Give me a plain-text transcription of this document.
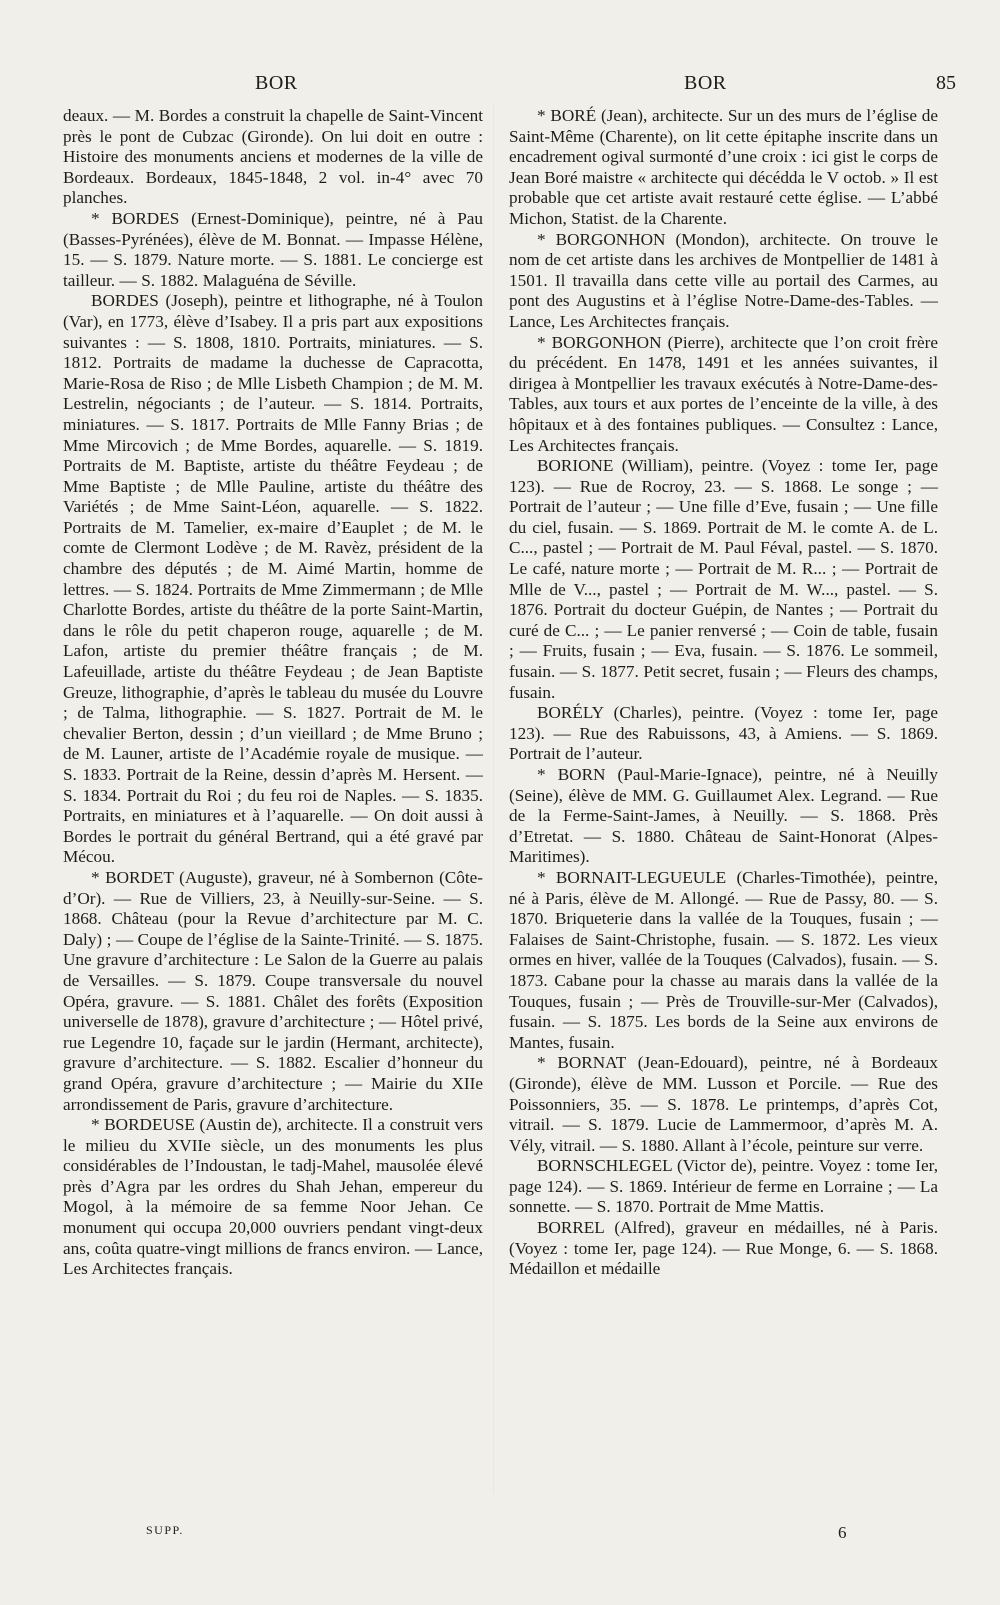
BOR	BOR	85

deaux. — M. Bordes a construit la chapelle de Saint-Vincent près le pont de Cubzac (Gironde). On lui doit en outre : Histoire des monuments anciens et modernes de la ville de Bordeaux. Bordeaux, 1845-1848, 2 vol. in-4° avec 70 planches.

* BORDES (Ernest-Dominique), peintre, né à Pau (Basses-Pyrénées), élève de M. Bonnat. — Impasse Hélène, 15. — S. 1879. Nature morte. — S. 1881. Le concierge est tailleur. — S. 1882. Malaguéna de Séville.

BORDES (Joseph), peintre et lithographe, né à Toulon (Var), en 1773, élève d’Isabey. Il a pris part aux expositions suivantes : — S. 1808, 1810. Portraits, miniatures. — S. 1812. Portraits de madame la duchesse de Capracotta, Marie-Rosa de Riso ; de Mlle Lisbeth Champion ; de M. M. Lestrelin, négociants ; de l’auteur. — S. 1814. Portraits, miniatures. — S. 1817. Portraits de Mlle Fanny Brias ; de Mme Mircovich ; de Mme Bordes, aquarelle. — S. 1819. Portraits de M. Baptiste, artiste du théâtre Feydeau ; de Mme Baptiste ; de Mlle Pauline, artiste du théâtre des Variétés ; de Mme Saint-Léon, aquarelle. — S. 1822. Portraits de M. Tamelier, ex-maire d’Eauplet ; de M. le comte de Clermont Lodève ; de M. Ravèz, président de la chambre des députés ; de M. Aimé Martin, homme de lettres. — S. 1824. Portraits de Mme Zimmermann ; de Mlle Charlotte Bordes, artiste du théâtre de la porte Saint-Martin, dans le rôle du petit chaperon rouge, aquarelle ; de M. Lafon, artiste du premier théâtre français ; de M. Lafeuillade, artiste du théâtre Feydeau ; de Jean Baptiste Greuze, lithographie, d’après le tableau du musée du Louvre ; de Talma, lithographie. — S. 1827. Portrait de M. le chevalier Berton, dessin ; d’un vieillard ; de Mme Bruno ; de M. Launer, artiste de l’Académie royale de musique. — S. 1833. Portrait de la Reine, dessin d’après M. Hersent. — S. 1834. Portrait du Roi ; du feu roi de Naples. — S. 1835. Portraits, en miniatures et à l’aquarelle. — On doit aussi à Bordes le portrait du général Bertrand, qui a été gravé par Mécou.

* BORDET (Auguste), graveur, né à Sombernon (Côte-d’Or). — Rue de Villiers, 23, à Neuilly-sur-Seine. — S. 1868. Château (pour la Revue d’architecture par M. C. Daly) ; — Coupe de l’église de la Sainte-Trinité. — S. 1875. Une gravure d’architecture : Le Salon de la Guerre au palais de Versailles. — S. 1879. Coupe transversale du nouvel Opéra, gravure. — S. 1881. Châlet des forêts (Exposition universelle de 1878), gravure d’architecture ; — Hôtel privé, rue Legendre 10, façade sur le jardin (Hermant, architecte), gravure d’architecture. — S. 1882. Escalier d’honneur du grand Opéra, gravure d’architecture ; — Mairie du XIIe arrondissement de Paris, gravure d’architecture.

* BORDEUSE (Austin de), architecte. Il a construit vers le milieu du XVIIe siècle, un des monuments les plus considérables de l’Indoustan, le tadj-Mahel, mausolée élevé près d’Agra par les ordres du Shah Jehan, empereur du Mogol, à la mémoire de sa femme Noor Jehan. Ce monument qui occupa 20,000 ouvriers pendant vingt-deux ans, coûta quatre-vingt millions de francs environ. — Lance, Les Architectes français.

* BORÉ (Jean), architecte. Sur un des murs de l’église de Saint-Même (Charente), on lit cette épitaphe inscrite dans un encadrement ogival surmonté d’une croix : ici gist le corps de Jean Boré maistre « architecte qui décédda le V octob. » Il est probable que cet artiste avait restauré cette église. — L’abbé Michon, Statist. de la Charente.

* BORGONHON (Mondon), architecte. On trouve le nom de cet artiste dans les archives de Montpellier de 1481 à 1501. Il travailla dans cette ville au portail des Carmes, au pont des Augustins et à l’église Notre-Dame-des-Tables. — Lance, Les Architectes français.

* BORGONHON (Pierre), architecte que l’on croit frère du précédent. En 1478, 1491 et les années suivantes, il dirigea à Montpellier les travaux exécutés à Notre-Dame-des-Tables, aux tours et aux portes de l’enceinte de la ville, à des hôpitaux et à des fontaines publiques. — Consultez : Lance, Les Architectes français.

BORIONE (William), peintre. (Voyez : tome Ier, page 123). — Rue de Rocroy, 23. — S. 1868. Le songe ; — Portrait de l’auteur ; — Une fille d’Eve, fusain ; — Une fille du ciel, fusain. — S. 1869. Portrait de M. le comte A. de L. C..., pastel ; — Portrait de M. Paul Féval, pastel. — S. 1870. Le café, nature morte ; — Portrait de M. R... ; — Portrait de Mlle de V..., pastel ; — Portrait de M. W..., pastel. — S. 1876. Portrait du docteur Guépin, de Nantes ; — Portrait du curé de C... ; — Le panier renversé ; — Coin de table, fusain ; — Fruits, fusain ; — Eva, fusain. — S. 1876. Le sommeil, fusain. — S. 1877. Petit secret, fusain ; — Fleurs des champs, fusain.

BORÉLY (Charles), peintre. (Voyez : tome Ier, page 123). — Rue des Rabuissons, 43, à Amiens. — S. 1869. Portrait de l’auteur.

* BORN (Paul-Marie-Ignace), peintre, né à Neuilly (Seine), élève de MM. G. Guillaumet Alex. Legrand. — Rue de la Ferme-Saint-James, à Neuilly. — S. 1868. Près d’Etretat. — S. 1880. Château de Saint-Honorat (Alpes-Maritimes).

* BORNAIT-LEGUEULE (Charles-Timothée), peintre, né à Paris, élève de M. Allongé. — Rue de Passy, 80. — S. 1870. Briqueterie dans la vallée de la Touques, fusain ; — Falaises de Saint-Christophe, fusain. — S. 1872. Les vieux ormes en hiver, vallée de la Touques (Calvados), fusain. — S. 1873. Cabane pour la chasse au marais dans la vallée de la Touques, fusain ; — Près de Trouville-sur-Mer (Calvados), fusain. — S. 1875. Les bords de la Seine aux environs de Mantes, fusain.

* BORNAT (Jean-Edouard), peintre, né à Bordeaux (Gironde), élève de MM. Lusson et Porcile. — Rue des Poissonniers, 35. — S. 1878. Le printemps, d’après Cot, vitrail. — S. 1879. Lucie de Lammermoor, d’après M. A. Vély, vitrail. — S. 1880. Allant à l’école, peinture sur verre.

BORNSCHLEGEL (Victor de), peintre. Voyez : tome Ier, page 124). — S. 1869. Intérieur de ferme en Lorraine ; — La sonnette. — S. 1870. Portrait de Mme Mattis.

BORREL (Alfred), graveur en médailles, né à Paris. (Voyez : tome Ier, page 124). — Rue Monge, 6. — S. 1868. Médaillon et médaille

SUPP.	6
